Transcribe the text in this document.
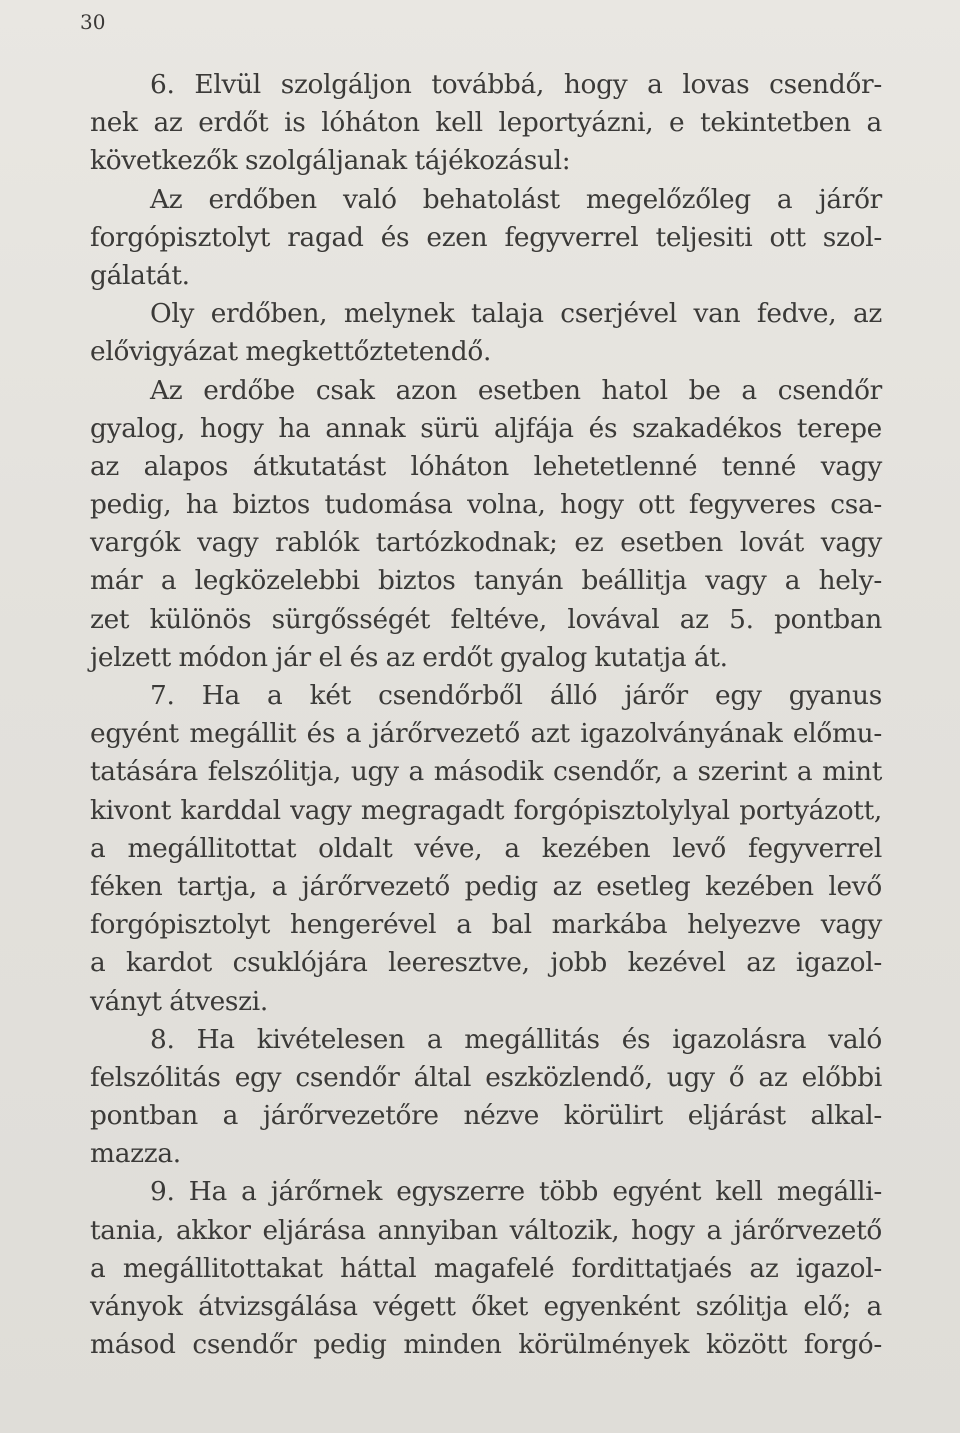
30
6. Elvül szolgáljon továbbá, hogy a lovas csendőr-
nek az erdőt is lóháton kell leportyázni, e tekintetben a
következők szolgáljanak tájékozásul:
Az erdőben való behatolást megelőzőleg a járőr
forgópisztolyt ragad és ezen fegyverrel teljesiti ott szol-
gálatát.
Oly erdőben, melynek talaja cserjével van fedve, az
elővigyázat megkettőztetendő.
Az erdőbe csak azon esetben hatol be a csendőr
gyalog, hogy ha annak sürü aljfája és szakadékos terepe
az alapos átkutatást lóháton lehetetlenné tenné vagy
pedig, ha biztos tudomása volna, hogy ott fegyveres csa-
vargók vagy rablók tartózkodnak; ez esetben lovát vagy
már a legközelebbi biztos tanyán beállitja vagy a hely-
zet különös sürgősségét feltéve, lovával az 5. pontban
jelzett módon jár el és az erdőt gyalog kutatja át.
7. Ha a két csendőrből álló járőr egy gyanus
egyént megállit és a járőrvezető azt igazolványának előmu-
tatására felszólitja, ugy a második csendőr, a szerint a mint
kivont karddal vagy megragadt forgópisztolylyal portyázott,
a megállitottat oldalt véve, a kezében levő fegyverrel
féken tartja, a járőrvezető pedig az esetleg kezében levő
forgópisztolyt hengerével a bal markába helyezve vagy
a kardot csuklójára leeresztve, jobb kezével az igazol-
ványt átveszi.
8. Ha kivételesen a megállitás és igazolásra való
felszólitás egy csendőr által eszközlendő, ugy ő az előbbi
pontban a járőrvezetőre nézve körülirt eljárást alkal-
mazza.
9. Ha a járőrnek egyszerre több egyént kell megálli-
tania, akkor eljárása annyiban változik, hogy a járőrvezető
a megállitottakat háttal magafelé fordittatjaés az igazol-
ványok átvizsgálása végett őket egyenként szólitja elő; a
másod csendőr pedig minden körülmények között forgó-
